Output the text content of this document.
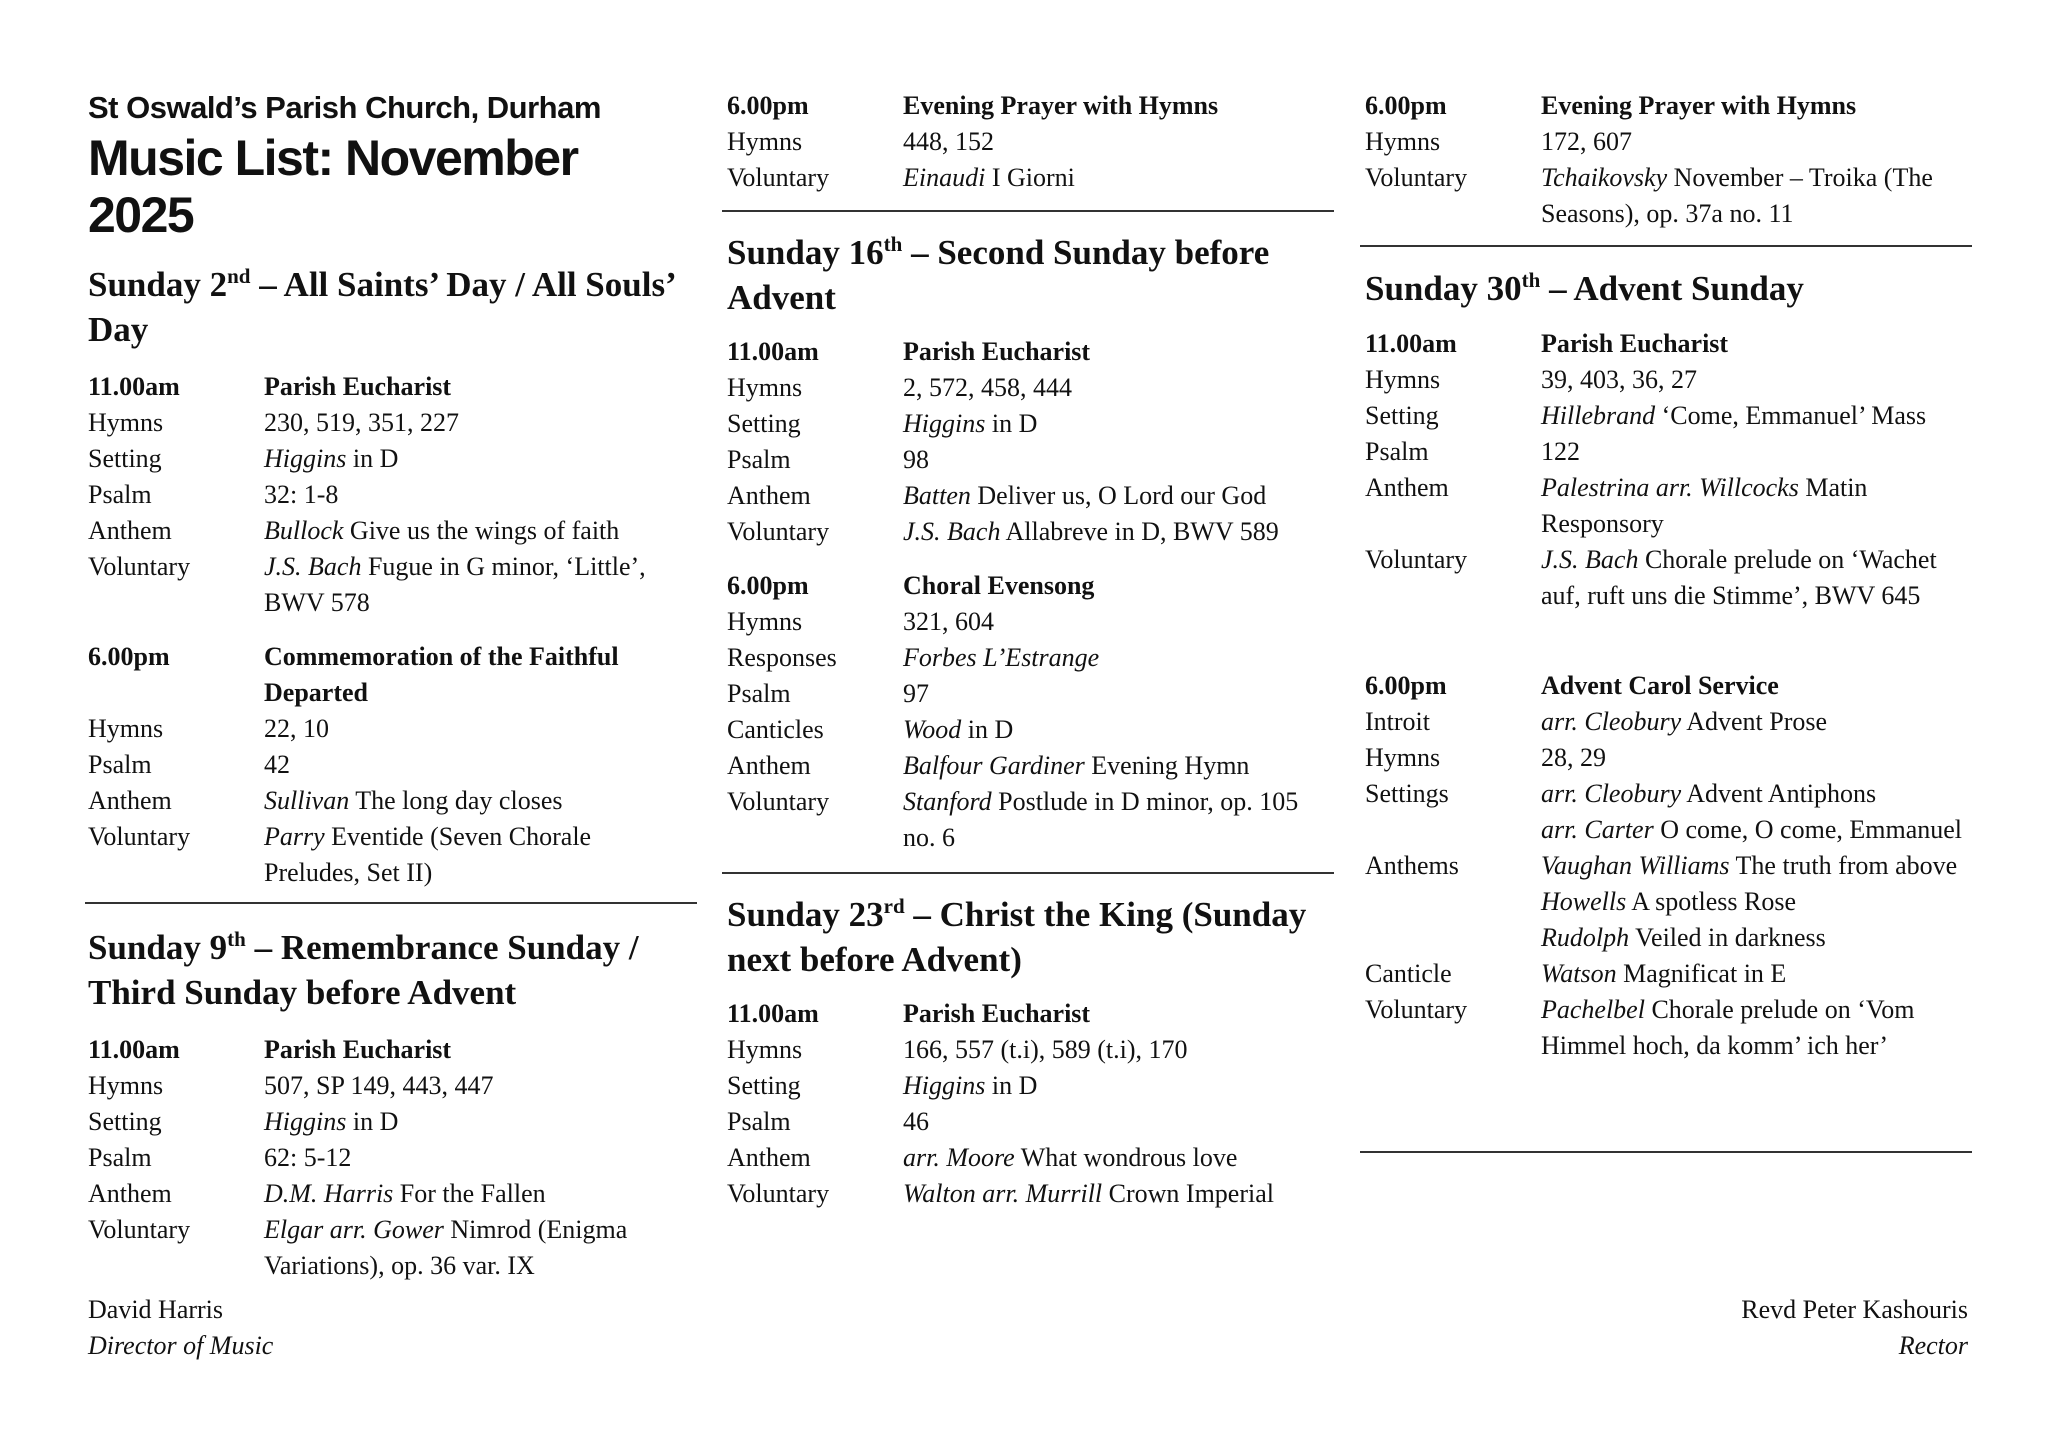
St Oswald’s Parish Church, Durham
Music List: November 2025
Sunday 2nd – All Saints’ Day / All Souls’ Day
11.00am	Parish Eucharist
Hymns	230, 519, 351, 227
Setting	Higgins in D
Psalm	32: 1-8
Anthem	Bullock Give us the wings of faith
Voluntary	J.S. Bach Fugue in G minor, ‘Little’, BWV 578
6.00pm	Commemoration of the Faithful Departed
Hymns	22, 10
Psalm	42
Anthem	Sullivan The long day closes
Voluntary	Parry Eventide (Seven Chorale Preludes, Set II)
Sunday 9th – Remembrance Sunday / Third Sunday before Advent
11.00am	Parish Eucharist
Hymns	507, SP 149, 443, 447
Setting	Higgins in D
Psalm	62: 5-12
Anthem	D.M. Harris For the Fallen
Voluntary	Elgar arr. Gower Nimrod (Enigma Variations), op. 36 var. IX
6.00pm	Evening Prayer with Hymns
Hymns	448, 152
Voluntary	Einaudi I Giorni
Sunday 16th – Second Sunday before Advent
11.00am	Parish Eucharist
Hymns	2, 572, 458, 444
Setting	Higgins in D
Psalm	98
Anthem	Batten Deliver us, O Lord our God
Voluntary	J.S. Bach Allabreve in D, BWV 589
6.00pm	Choral Evensong
Hymns	321, 604
Responses	Forbes L’Estrange
Psalm	97
Canticles	Wood in D
Anthem	Balfour Gardiner Evening Hymn
Voluntary	Stanford Postlude in D minor, op. 105 no. 6
Sunday 23rd – Christ the King (Sunday next before Advent)
11.00am	Parish Eucharist
Hymns	166, 557 (t.i), 589 (t.i), 170
Setting	Higgins in D
Psalm	46
Anthem	arr. Moore What wondrous love
Voluntary	Walton arr. Murrill Crown Imperial
6.00pm	Evening Prayer with Hymns
Hymns	172, 607
Voluntary	Tchaikovsky November – Troika (The Seasons), op. 37a no. 11
Sunday 30th – Advent Sunday
11.00am	Parish Eucharist
Hymns	39, 403, 36, 27
Setting	Hillebrand ‘Come, Emmanuel’ Mass
Psalm	122
Anthem	Palestrina arr. Willcocks Matin Responsory
Voluntary	J.S. Bach Chorale prelude on ‘Wachet auf, ruft uns die Stimme’, BWV 645
6.00pm	Advent Carol Service
Introit	arr. Cleobury Advent Prose
Hymns	28, 29
Settings	arr. Cleobury Advent Antiphons
arr. Carter O come, O come, Emmanuel
Anthems	Vaughan Williams The truth from above
Howells A spotless Rose
Rudolph Veiled in darkness
Canticle	Watson Magnificat in E
Voluntary	Pachelbel Chorale prelude on ‘Vom Himmel hoch, da komm’ ich her’
David Harris
Director of Music
Revd Peter Kashouris
Rector
